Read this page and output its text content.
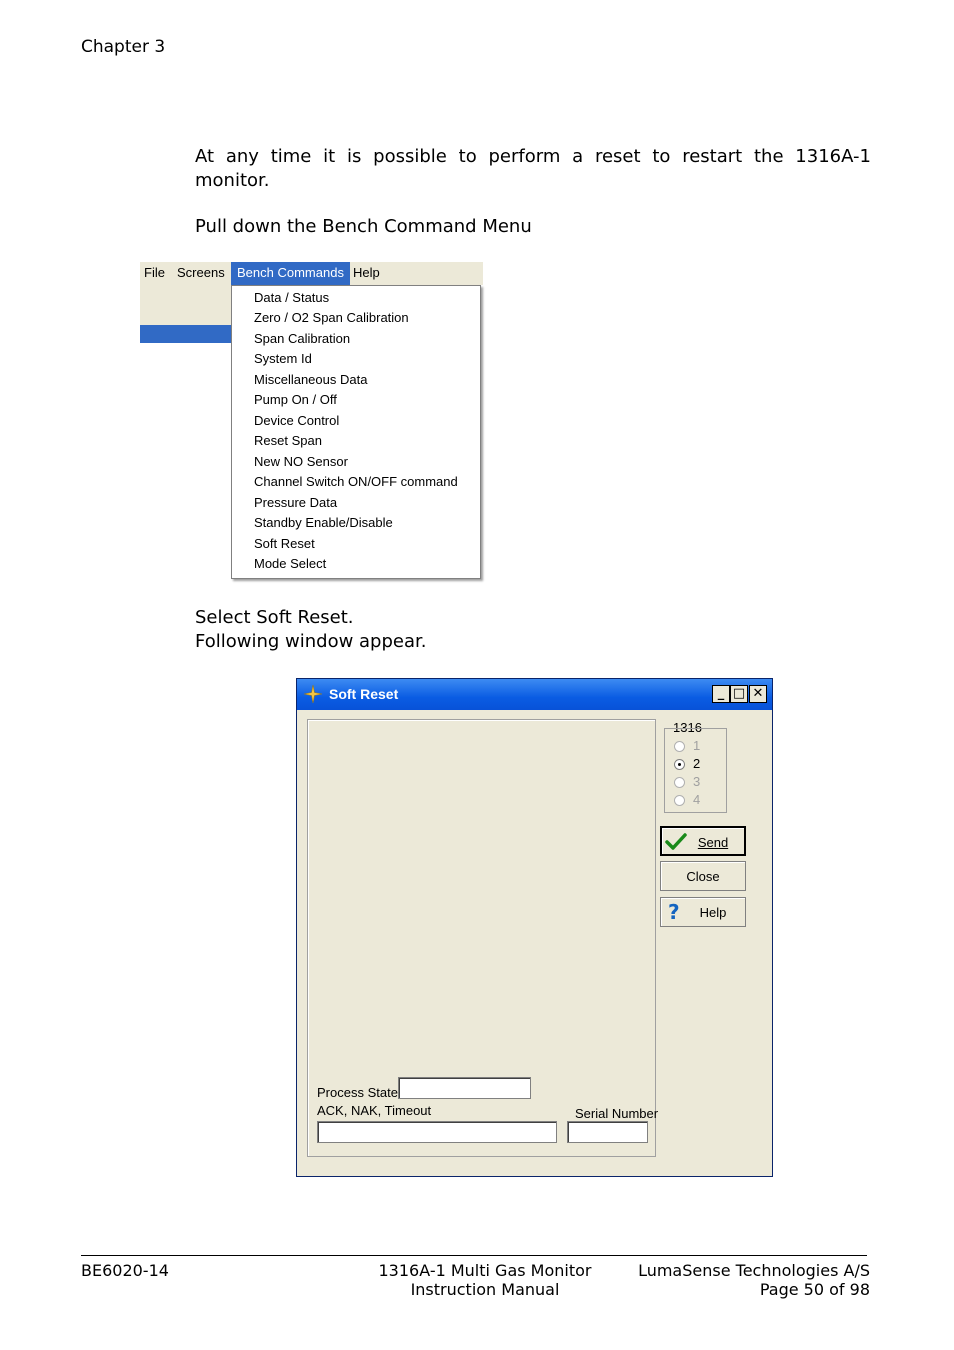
Chapter 3
At any time it is possible to perform a reset to restart the 1316A-1 monitor.
Pull down the Bench Command Menu
File Screens Bench Commands Help
Data / Status
Zero / O2 Span Calibration
Span Calibration
System Id
Miscellaneous Data
Pump On / Off
Device Control
Reset Span
New NO Sensor
Channel Switch ON/OFF command
Pressure Data
Standby Enable/Disable
Soft Reset
Mode Select
Select Soft Reset.
Following window appear.
Soft Reset	_ □ ✕
Process State
ACK, NAK, Timeout	Serial Number
1316
1
2
3
4
Send
Close
? Help
BE6020-14	1316A-1 Multi Gas Monitor
Instruction Manual
LumaSense Technologies A/S
Page 50 of 98
